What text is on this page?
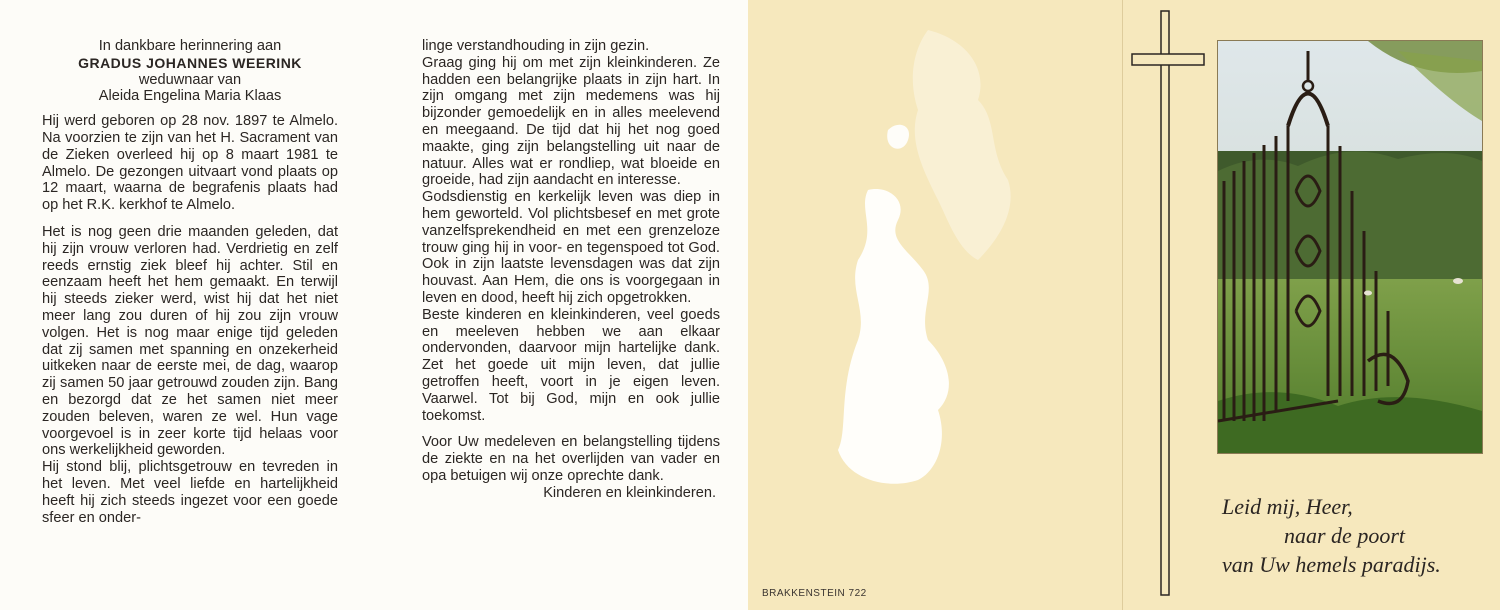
In dankbare herinnering aan
GRADUS JOHANNES WEERINK
weduwnaar van
Aleida Engelina Maria Klaas

Hij werd geboren op 28 nov. 1897 te Almelo. Na voorzien te zijn van het H. Sacrament van de Zieken overleed hij op 8 maart 1981 te Almelo. De gezongen uitvaart vond plaats op 12 maart, waarna de begrafenis plaats had op het R.K. kerkhof te Almelo.

Het is nog geen drie maanden geleden, dat hij zijn vrouw verloren had. Verdrietig en zelf reeds ernstig ziek bleef hij achter. Stil en eenzaam heeft het hem gemaakt. En terwijl hij steeds zieker werd, wist hij dat het niet meer lang zou duren of hij zou zijn vrouw volgen. Het is nog maar enige tijd geleden dat zij samen met spanning en onzekerheid uitkeken naar de eerste mei, de dag, waarop zij samen 50 jaar getrouwd zouden zijn. Bang en bezorgd dat ze het samen niet meer zouden beleven, waren ze wel. Hun vage voorgevoel is in zeer korte tijd helaas voor ons werkelijkheid geworden.

Hij stond blij, plichtsgetrouw en tevreden in het leven. Met veel liefde en hartelijkheid heeft hij zich steeds ingezet voor een goede sfeer en onder-

linge verstandhouding in zijn gezin.

Graag ging hij om met zijn kleinkinderen. Ze hadden een belangrijke plaats in zijn hart. In zijn omgang met zijn medemens was hij bijzonder gemoedelijk en in alles meelevend en meegaand. De tijd dat hij het nog goed maakte, ging zijn belangstelling uit naar de natuur. Alles wat er rondliep, wat bloeide en groeide, had zijn aandacht en interesse.

Godsdienstig en kerkelijk leven was diep in hem geworteld. Vol plichtsbesef en met grote vanzelfsprekendheid en met een grenzeloze trouw ging hij in voor- en tegenspoed tot God. Ook in zijn laatste levensdagen was dat zijn houvast. Aan Hem, die ons is voorgegaan in leven en dood, heeft hij zich opgetrokken.

Beste kinderen en kleinkinderen, veel goeds en meeleven hebben we aan elkaar ondervonden, daarvoor mijn hartelijke dank. Zet het goede uit mijn leven, dat jullie getroffen heeft, voort in je eigen leven. Vaarwel. Tot bij God, mijn en ook jullie toekomst.

Voor Uw medeleven en belangstelling tijdens de ziekte en na het overlijden van vader en opa betuigen wij onze oprechte dank.

Kinderen en kleinkinderen.

BRAKKENSTEIN 722
Leid mij, Heer,
naar de poort
van Uw hemels paradijs.
